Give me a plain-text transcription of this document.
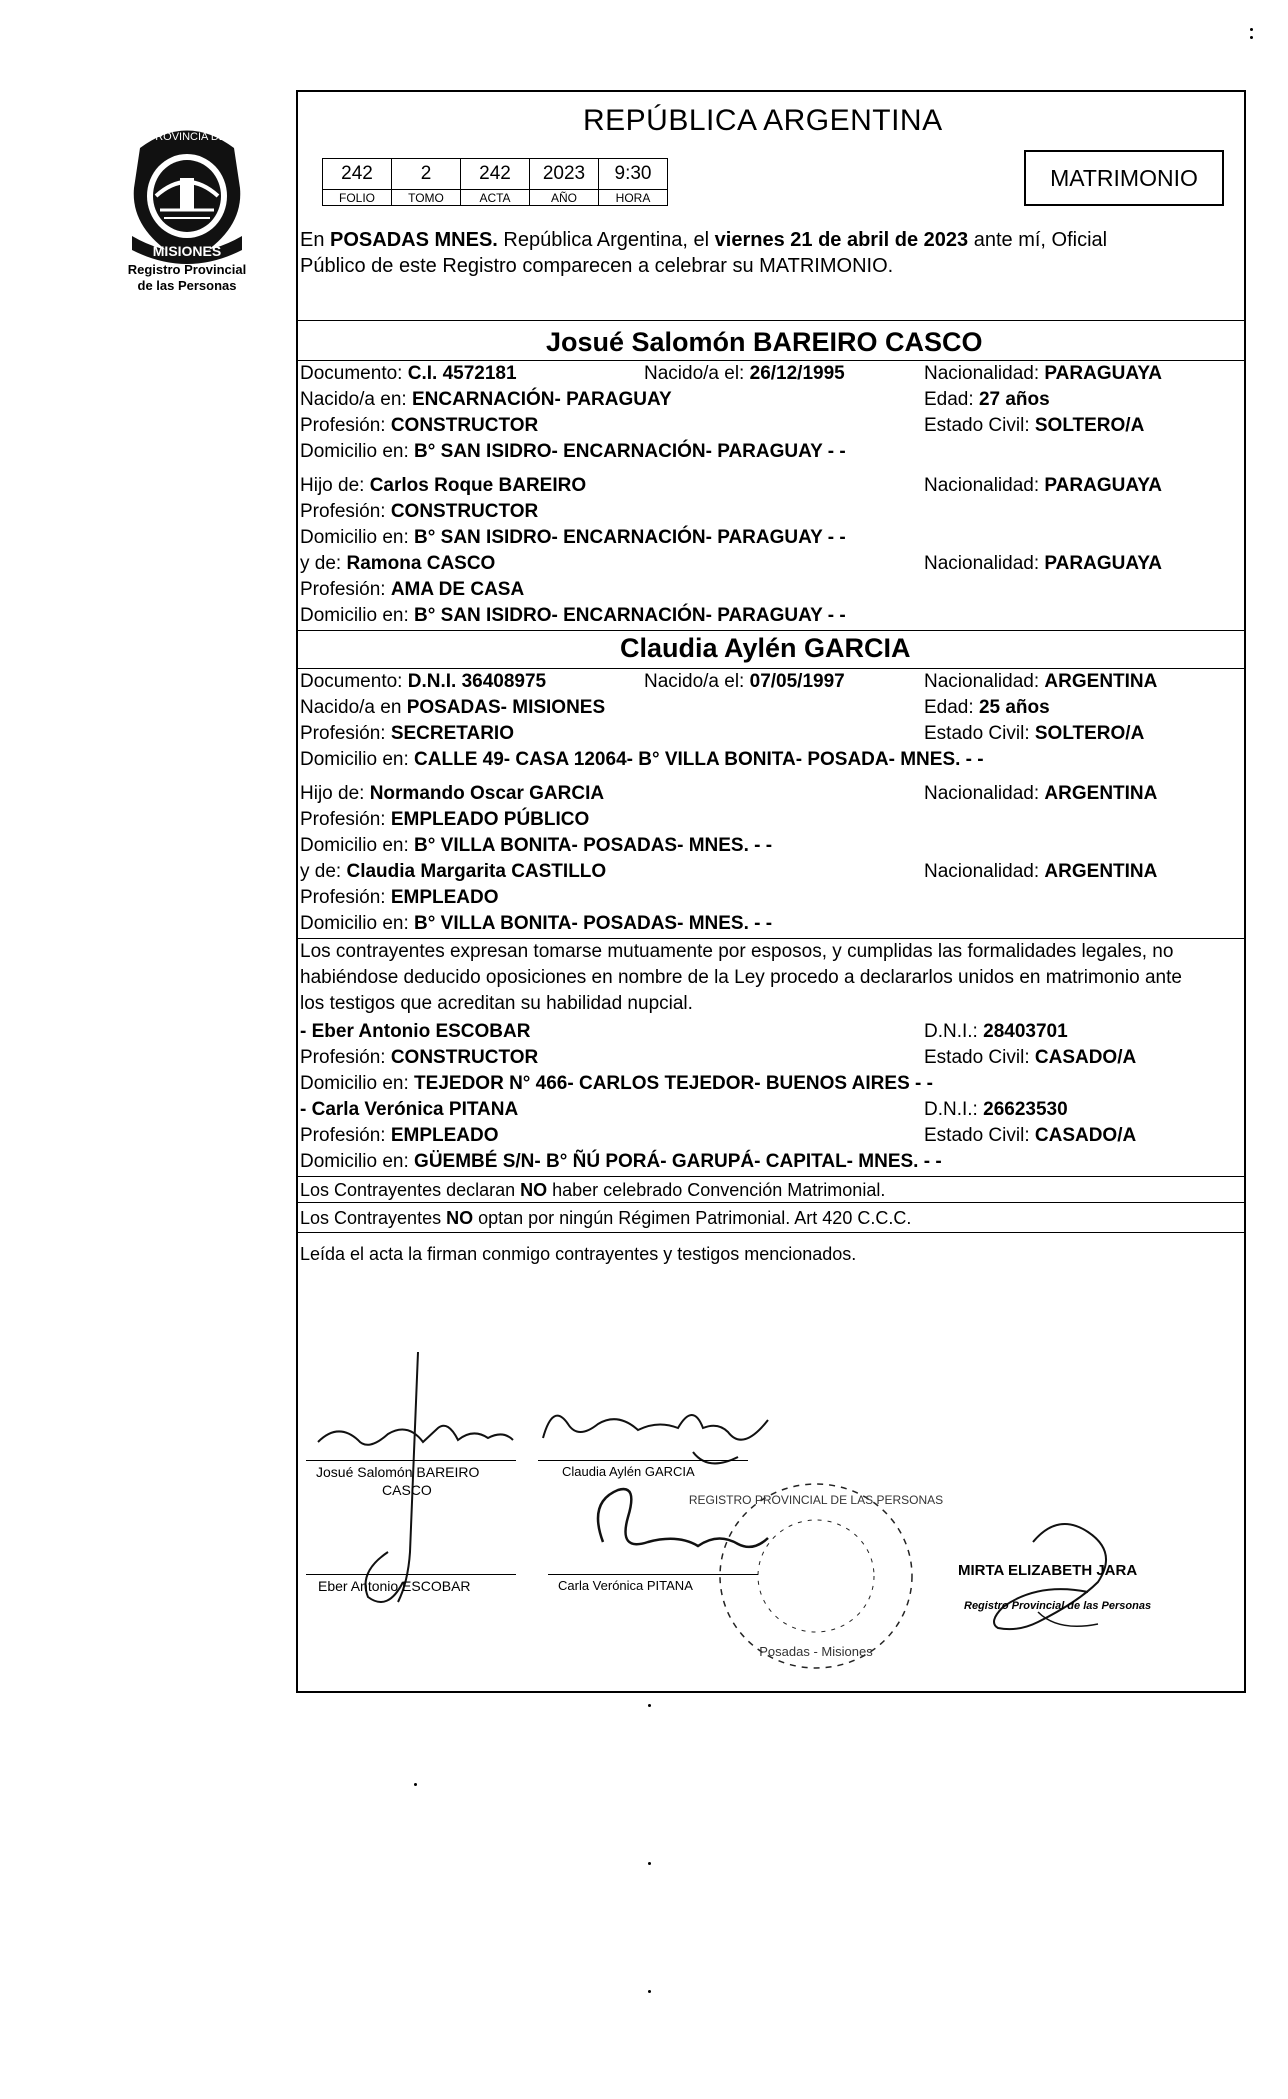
PROVINCIA DE
MISIONES
Registro Provincial
de las Personas
REPÚBLICA ARGENTINA
242	2	242	2023	9:30
FOLIO	TOMO	ACTA	AÑO	HORA
MATRIMONIO
En POSADAS MNES. República Argentina, el viernes 21 de abril de 2023 ante mí, Oficial
Público de este Registro comparecen a celebrar su MATRIMONIO.
Josué Salomón BAREIRO CASCO
Documento: C.I. 4572181	Nacido/a el: 26/12/1995	Nacionalidad: PARAGUAYA
Nacido/a en: ENCARNACIÓN- PARAGUAY	Edad: 27 años
Profesión: CONSTRUCTOR	Estado Civil: SOLTERO/A
Domicilio en: B° SAN ISIDRO- ENCARNACIÓN- PARAGUAY - -
Hijo de: Carlos Roque BAREIRO	Nacionalidad: PARAGUAYA
Profesión: CONSTRUCTOR
Domicilio en: B° SAN ISIDRO- ENCARNACIÓN- PARAGUAY - -
y de: Ramona CASCO	Nacionalidad: PARAGUAYA
Profesión: AMA DE CASA
Domicilio en: B° SAN ISIDRO- ENCARNACIÓN- PARAGUAY - -
Claudia Aylén GARCIA
Documento: D.N.I. 36408975	Nacido/a el: 07/05/1997	Nacionalidad: ARGENTINA
Nacido/a en POSADAS- MISIONES	Edad: 25 años
Profesión: SECRETARIO	Estado Civil: SOLTERO/A
Domicilio en: CALLE 49- CASA 12064- B° VILLA BONITA- POSADA- MNES. - -
Hijo de: Normando Oscar GARCIA	Nacionalidad: ARGENTINA
Profesión: EMPLEADO PÚBLICO
Domicilio en: B° VILLA BONITA- POSADAS- MNES. - -
y de: Claudia Margarita CASTILLO	Nacionalidad: ARGENTINA
Profesión: EMPLEADO
Domicilio en: B° VILLA BONITA- POSADAS- MNES. - -
Los contrayentes expresan tomarse mutuamente por esposos, y cumplidas las formalidades legales, no
habiéndose deducido oposiciones en nombre de la Ley procedo a declararlos unidos en matrimonio ante
los testigos que acreditan su habilidad nupcial.
- Eber Antonio ESCOBAR	D.N.I.: 28403701
Profesión: CONSTRUCTOR	Estado Civil: CASADO/A
Domicilio en: TEJEDOR N° 466- CARLOS TEJEDOR- BUENOS AIRES - -
- Carla Verónica PITANA	D.N.I.: 26623530
Profesión: EMPLEADO	Estado Civil: CASADO/A
Domicilio en: GÜEMBÉ S/N- B° ÑÚ PORÁ- GARUPÁ- CAPITAL- MNES. - -
Los Contrayentes declaran NO haber celebrado Convención Matrimonial.
Los Contrayentes NO optan por ningún Régimen Patrimonial. Art 420 C.C.C.
Leída el acta la firman conmigo contrayentes y testigos mencionados.
REGISTRO PROVINCIAL DE LAS PERSONAS
Posadas - Misiones
Josué Salomón BAREIRO
CASCO
Claudia Aylén GARCIA
Eber Antonio ESCOBAR	Carla Verónica PITANA
MIRTA ELIZABETH JARA
Registro Provincial de las Personas
